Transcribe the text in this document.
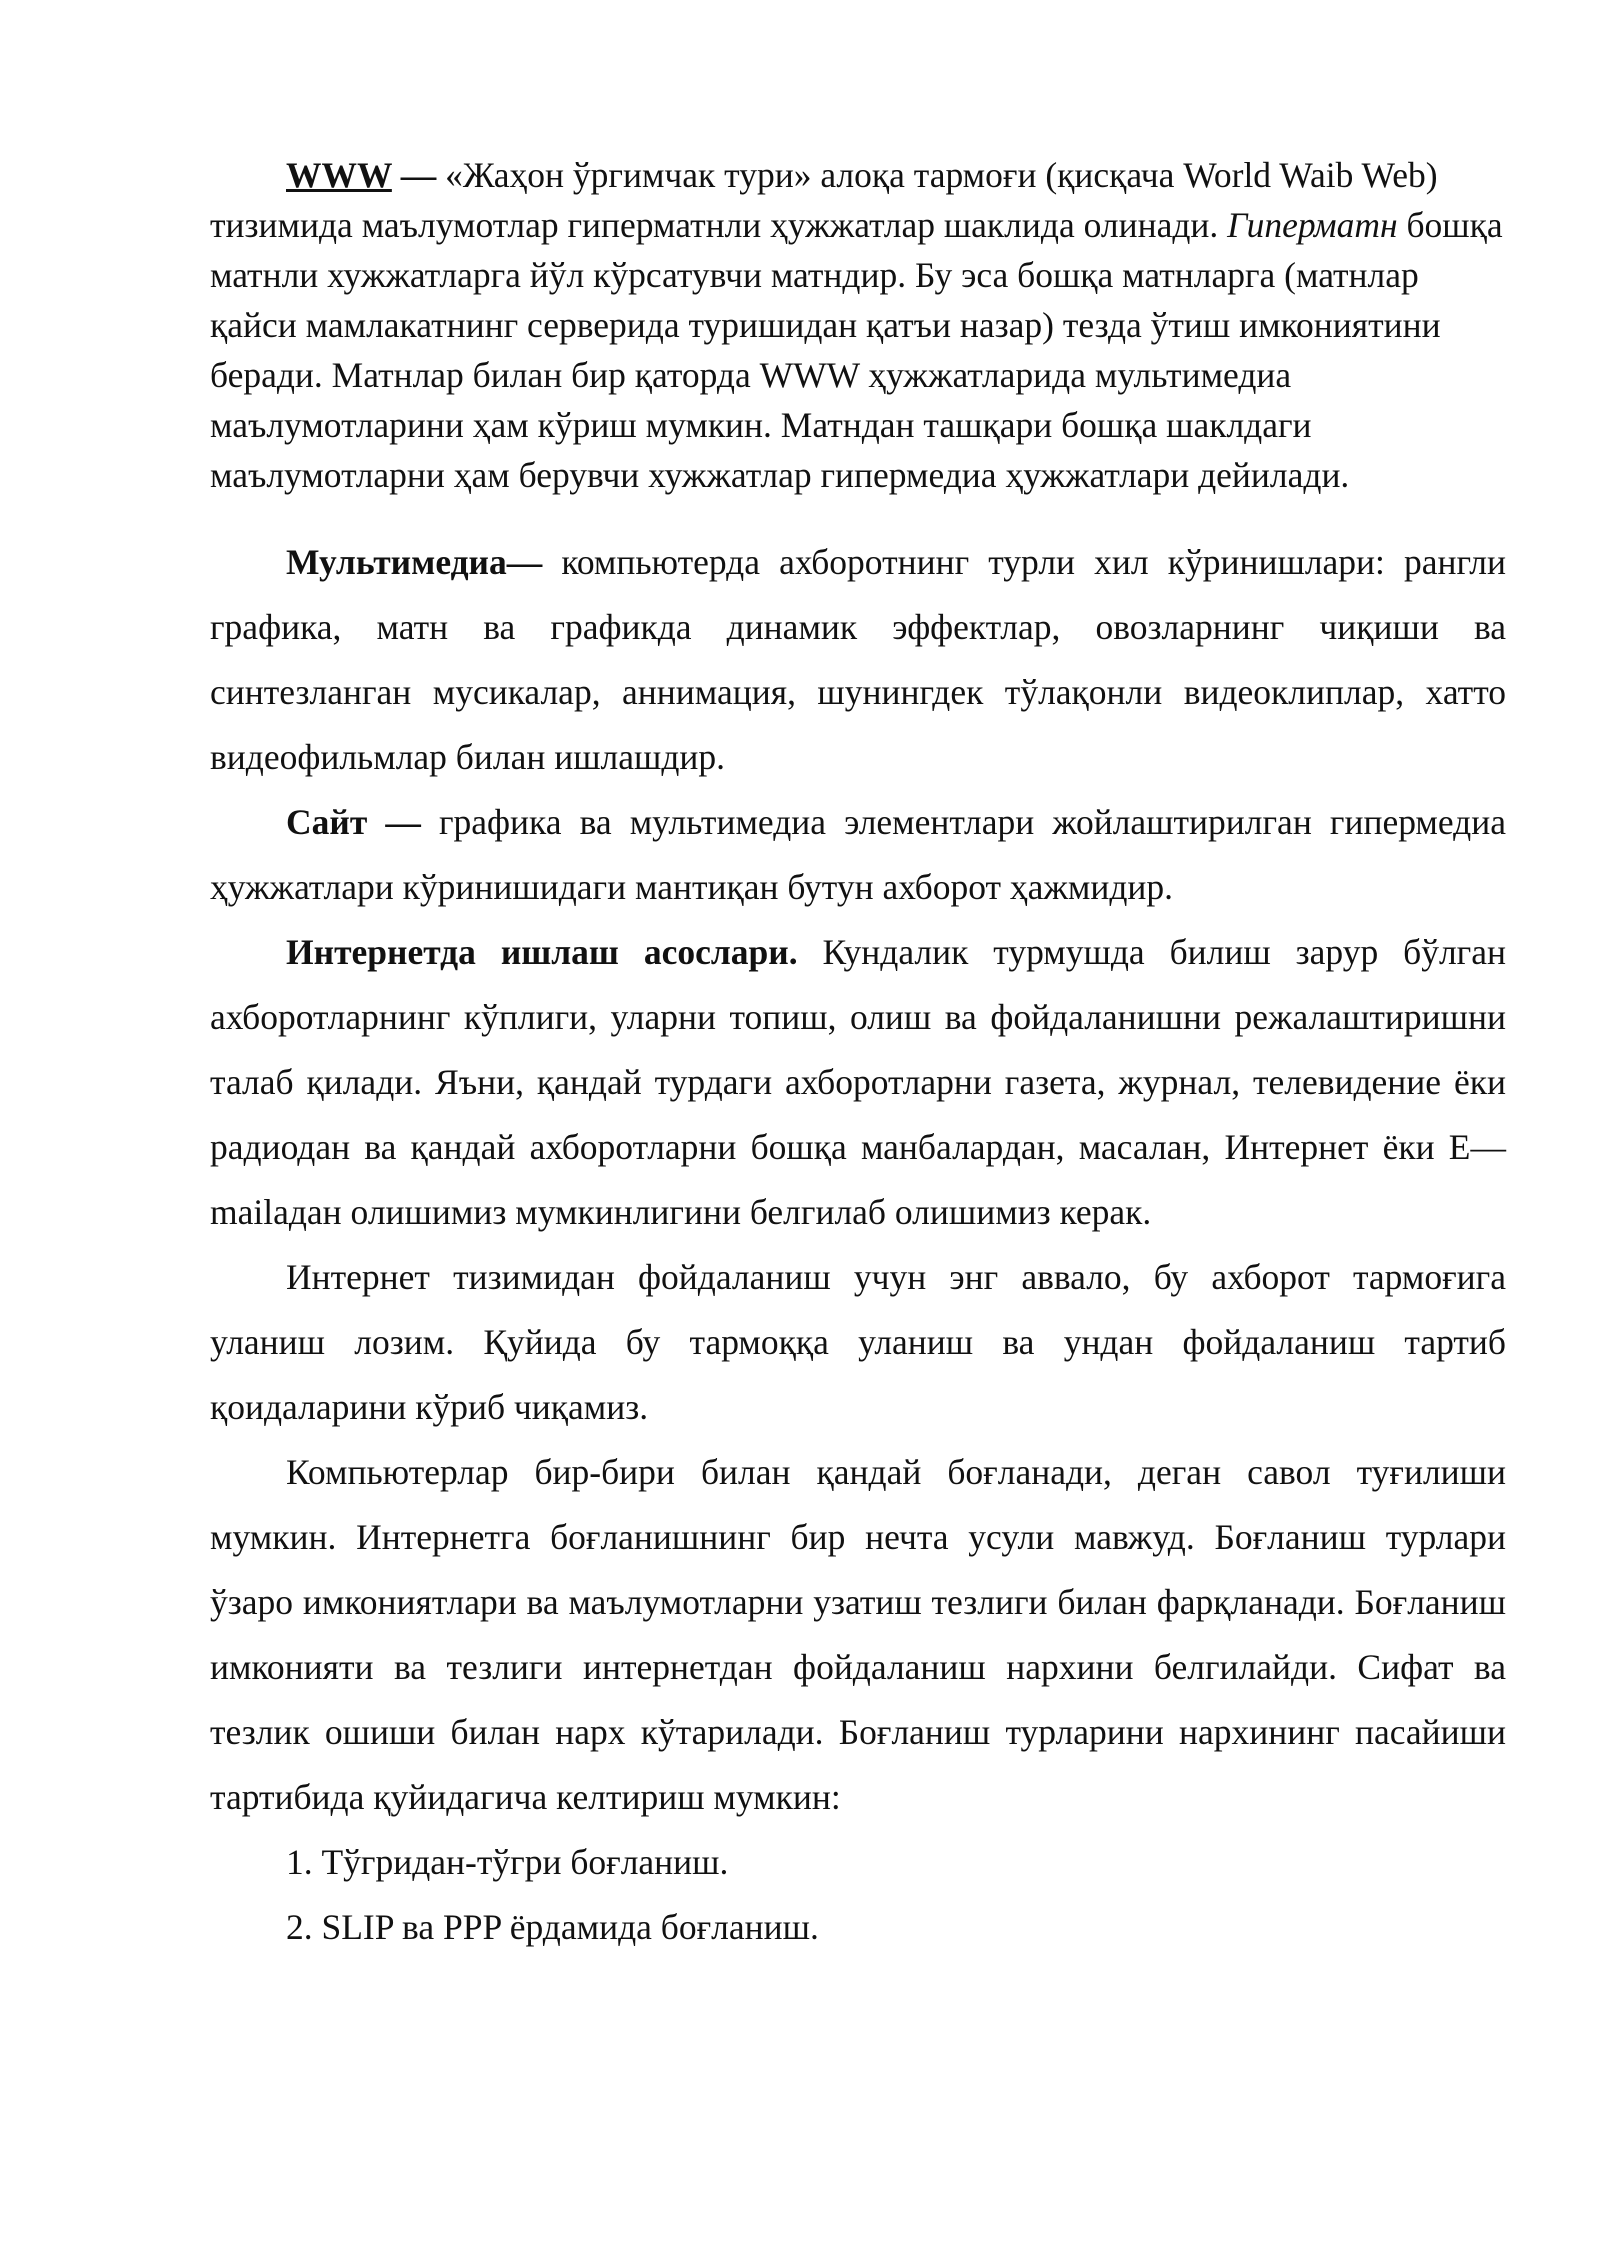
WWW — «Жаҳон ўргимчак тури» алоқа тармоғи (қисқача World Waib Web) тизимида маълумотлар гиперматнли ҳужжатлар шаклида олинади. Гиперматн бошқа матнли хужжатларга йўл кўрсатувчи матндир. Бу эса бошқа матнларга (матнлар қайси мамлакатнинг серверида туришидан қатъи назар) тезда ўтиш имкониятини беради. Матнлар билан бир қаторда WWW ҳужжатларида мультимедиа маълумотларини ҳам кўриш мумкин. Матндан ташқари бошқа шаклдаги маълумотларни ҳам берувчи хужжатлар гипермедиа ҳужжатлари дейилади.

Мультимедиа— компьютерда ахборотнинг турли хил кўринишлари: рангли графика, матн ва графикда динамик эффектлар, овозларнинг чиқиши ва синтезланган мусикалар, аннимация, шунингдек тўлақонли видеоклиплар, хатто видеофильмлар билан ишлашдир.

Сайт — графика ва мультимедиа элементлари жойлаштирилган гипермедиа ҳужжатлари кўринишидаги мантиқан бутун ахборот ҳажмидир.

Интернетда ишлаш асослари. Кундалик турмушда билиш зарур бўлган ахборотларнинг кўплиги, уларни топиш, олиш ва фойдаланишни режалаштиришни талаб қилади. Яъни, қандай турдаги ахборотларни газета, журнал, телевидение ёки радиодан ва қандай ахборотларни бошқа манбалардан, масалан, Интернет ёки E—mailадан олишимиз мумкинлигини белгилаб олишимиз керак.

Интернет тизимидан фойдаланиш учун энг аввало, бу ахборот тармоғига уланиш лозим. Қуйида бу тармоққа уланиш ва ундан фойдаланиш тартиб қоидаларини кўриб чиқамиз.

Компьютерлар бир-бири билан қандай боғланади, деган савол туғилиши мумкин. Интернетга боғланишнинг бир нечта усули мавжуд. Боғланиш турлари ўзаро имкониятлари ва маълумотларни узатиш тезлиги билан фарқланади. Боғланиш имконияти ва тезлиги интернетдан фойдаланиш нархини белгилайди. Сифат ва тезлик ошиши билан нарх кўтарилади. Боғланиш турларини нархининг пасайиши тартибида қуйидагича келтириш мумкин:

1. Тўгридан-тўгри боғланиш.

2. SLIP ва PPP ёрдамида боғланиш.
